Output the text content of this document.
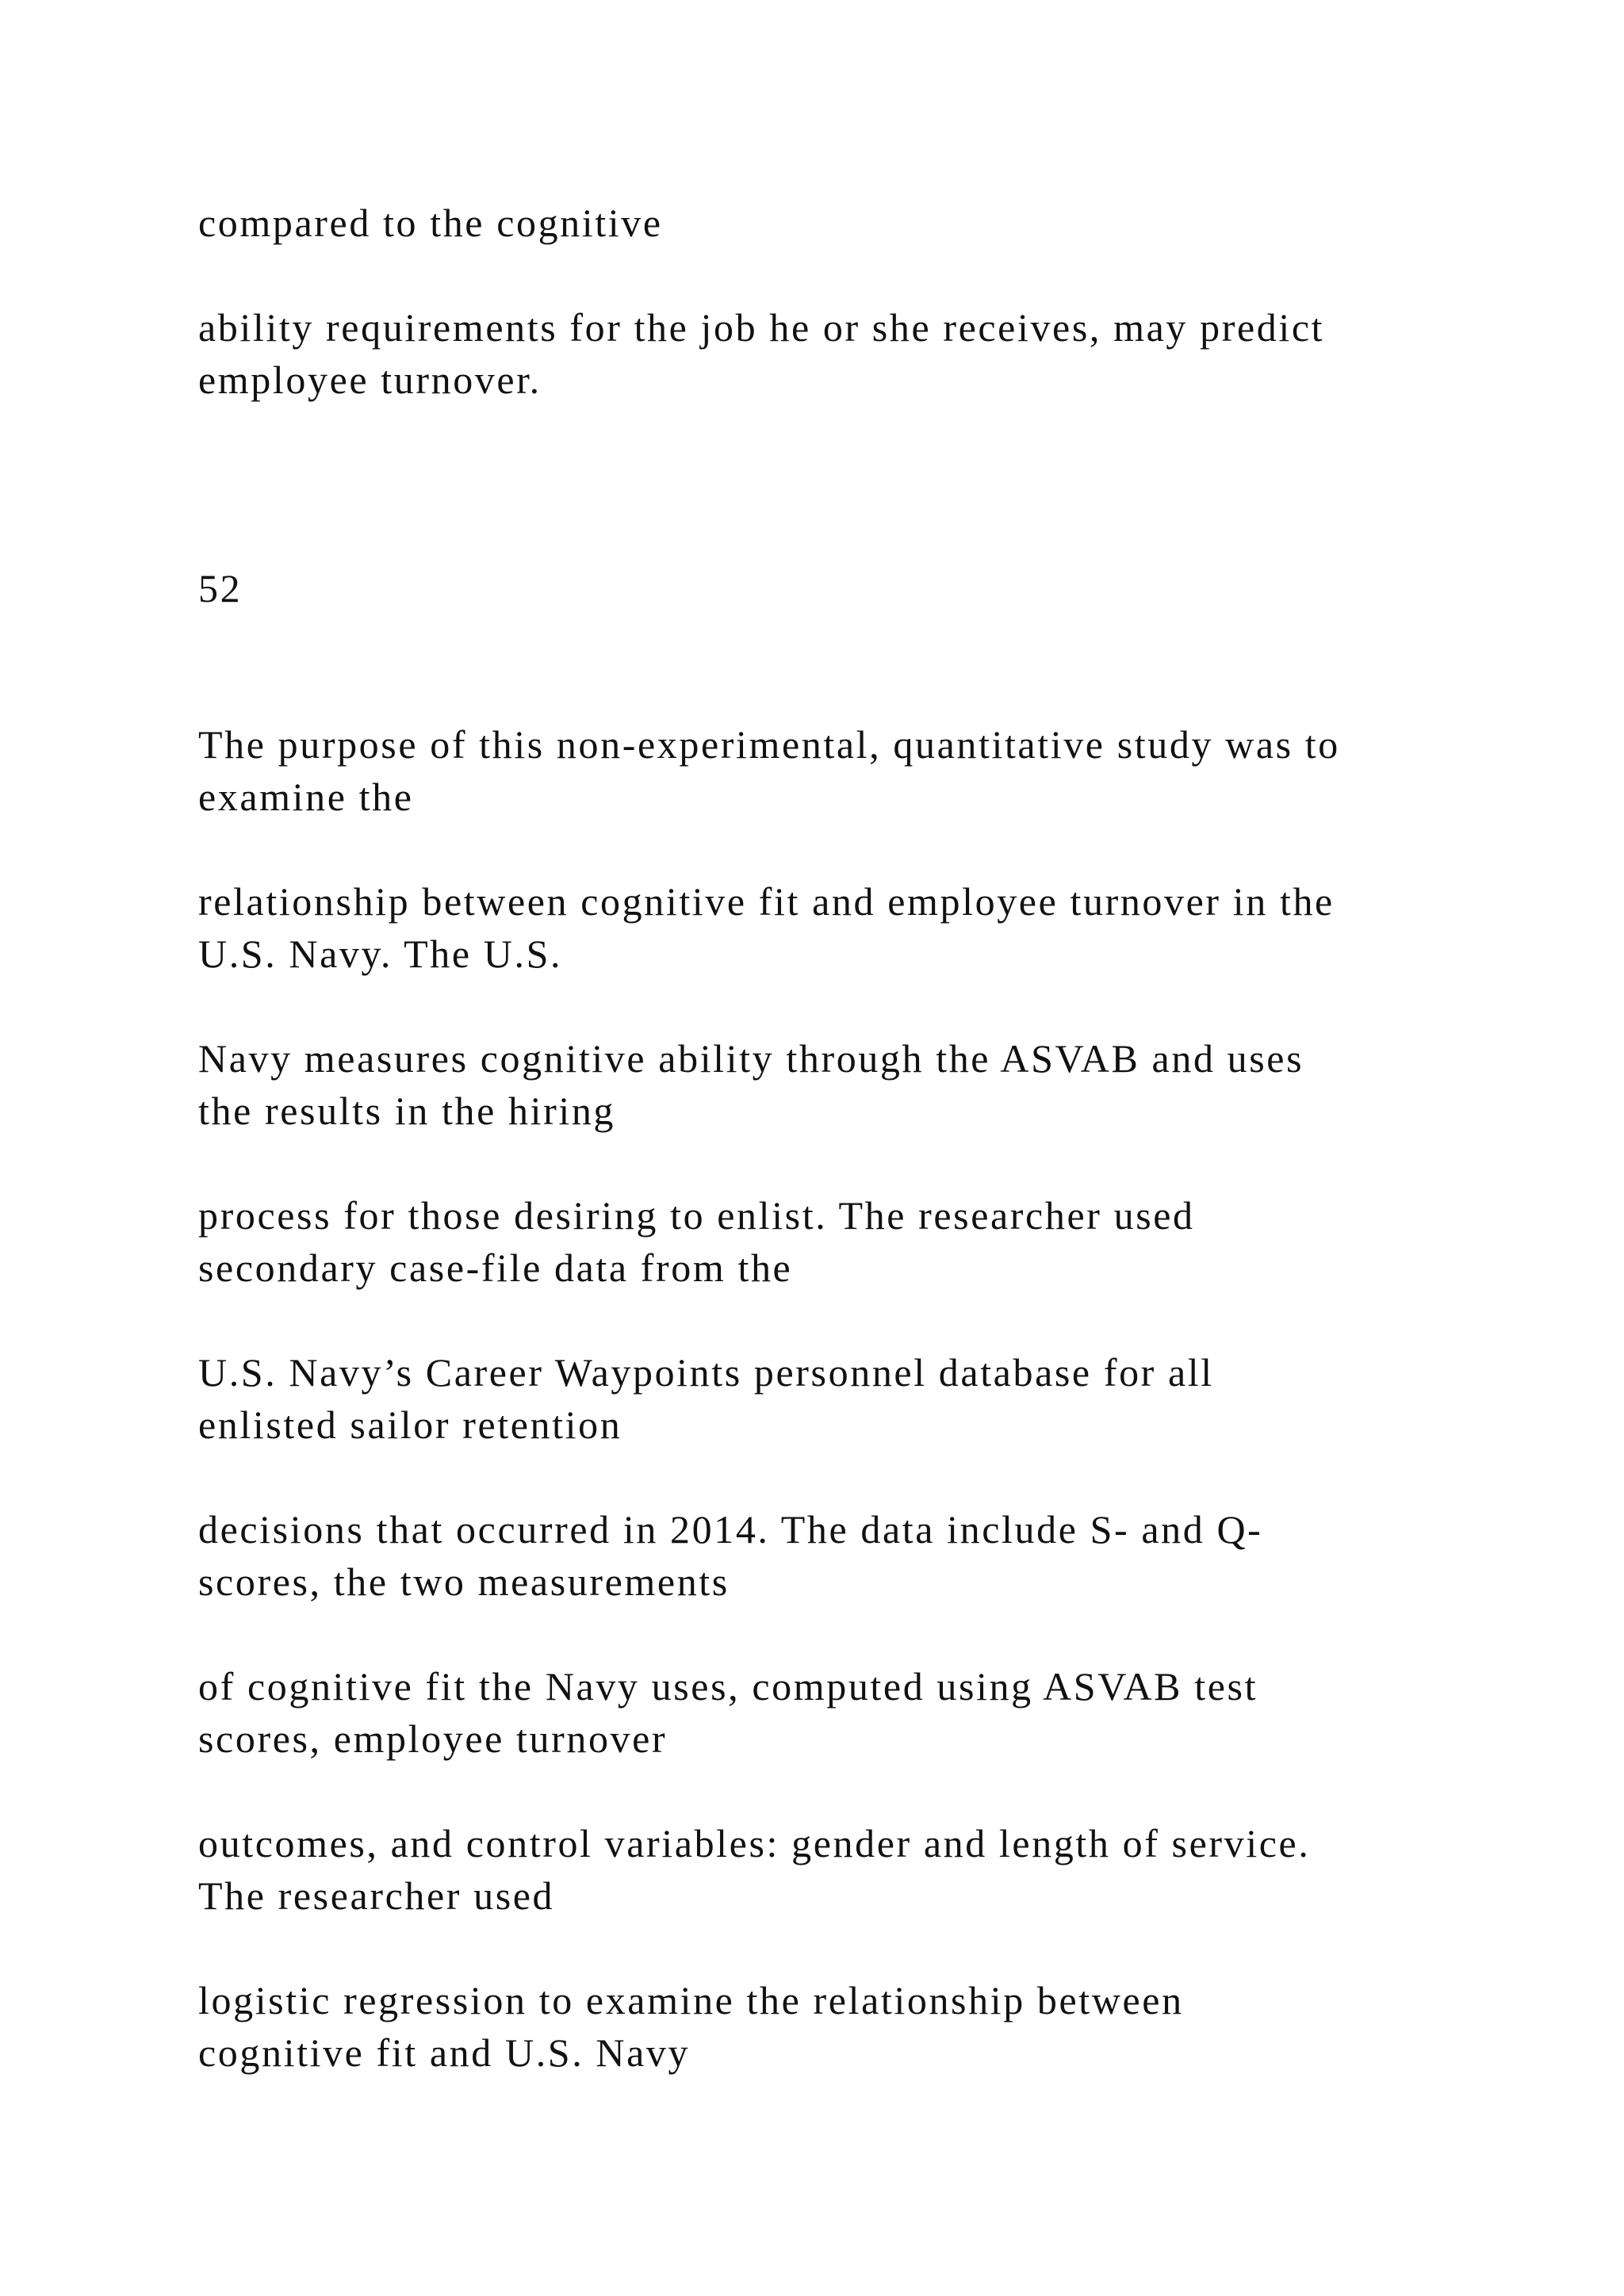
compared to the cognitive

ability requirements for the job he or she receives, may predict

employee turnover.

52

The purpose of this non-experimental, quantitative study was to

examine the

relationship between cognitive fit and employee turnover in the

U.S. Navy. The U.S.

Navy measures cognitive ability through the ASVAB and uses

the results in the hiring

process for those desiring to enlist. The researcher used

secondary case-file data from the

U.S. Navy’s Career Waypoints personnel database for all

enlisted sailor retention

decisions that occurred in 2014. The data include S- and Q-

scores, the two measurements

of cognitive fit the Navy uses, computed using ASVAB test

scores, employee turnover

outcomes, and control variables: gender and length of service.

The researcher used

logistic regression to examine the relationship between

cognitive fit and U.S. Navy
